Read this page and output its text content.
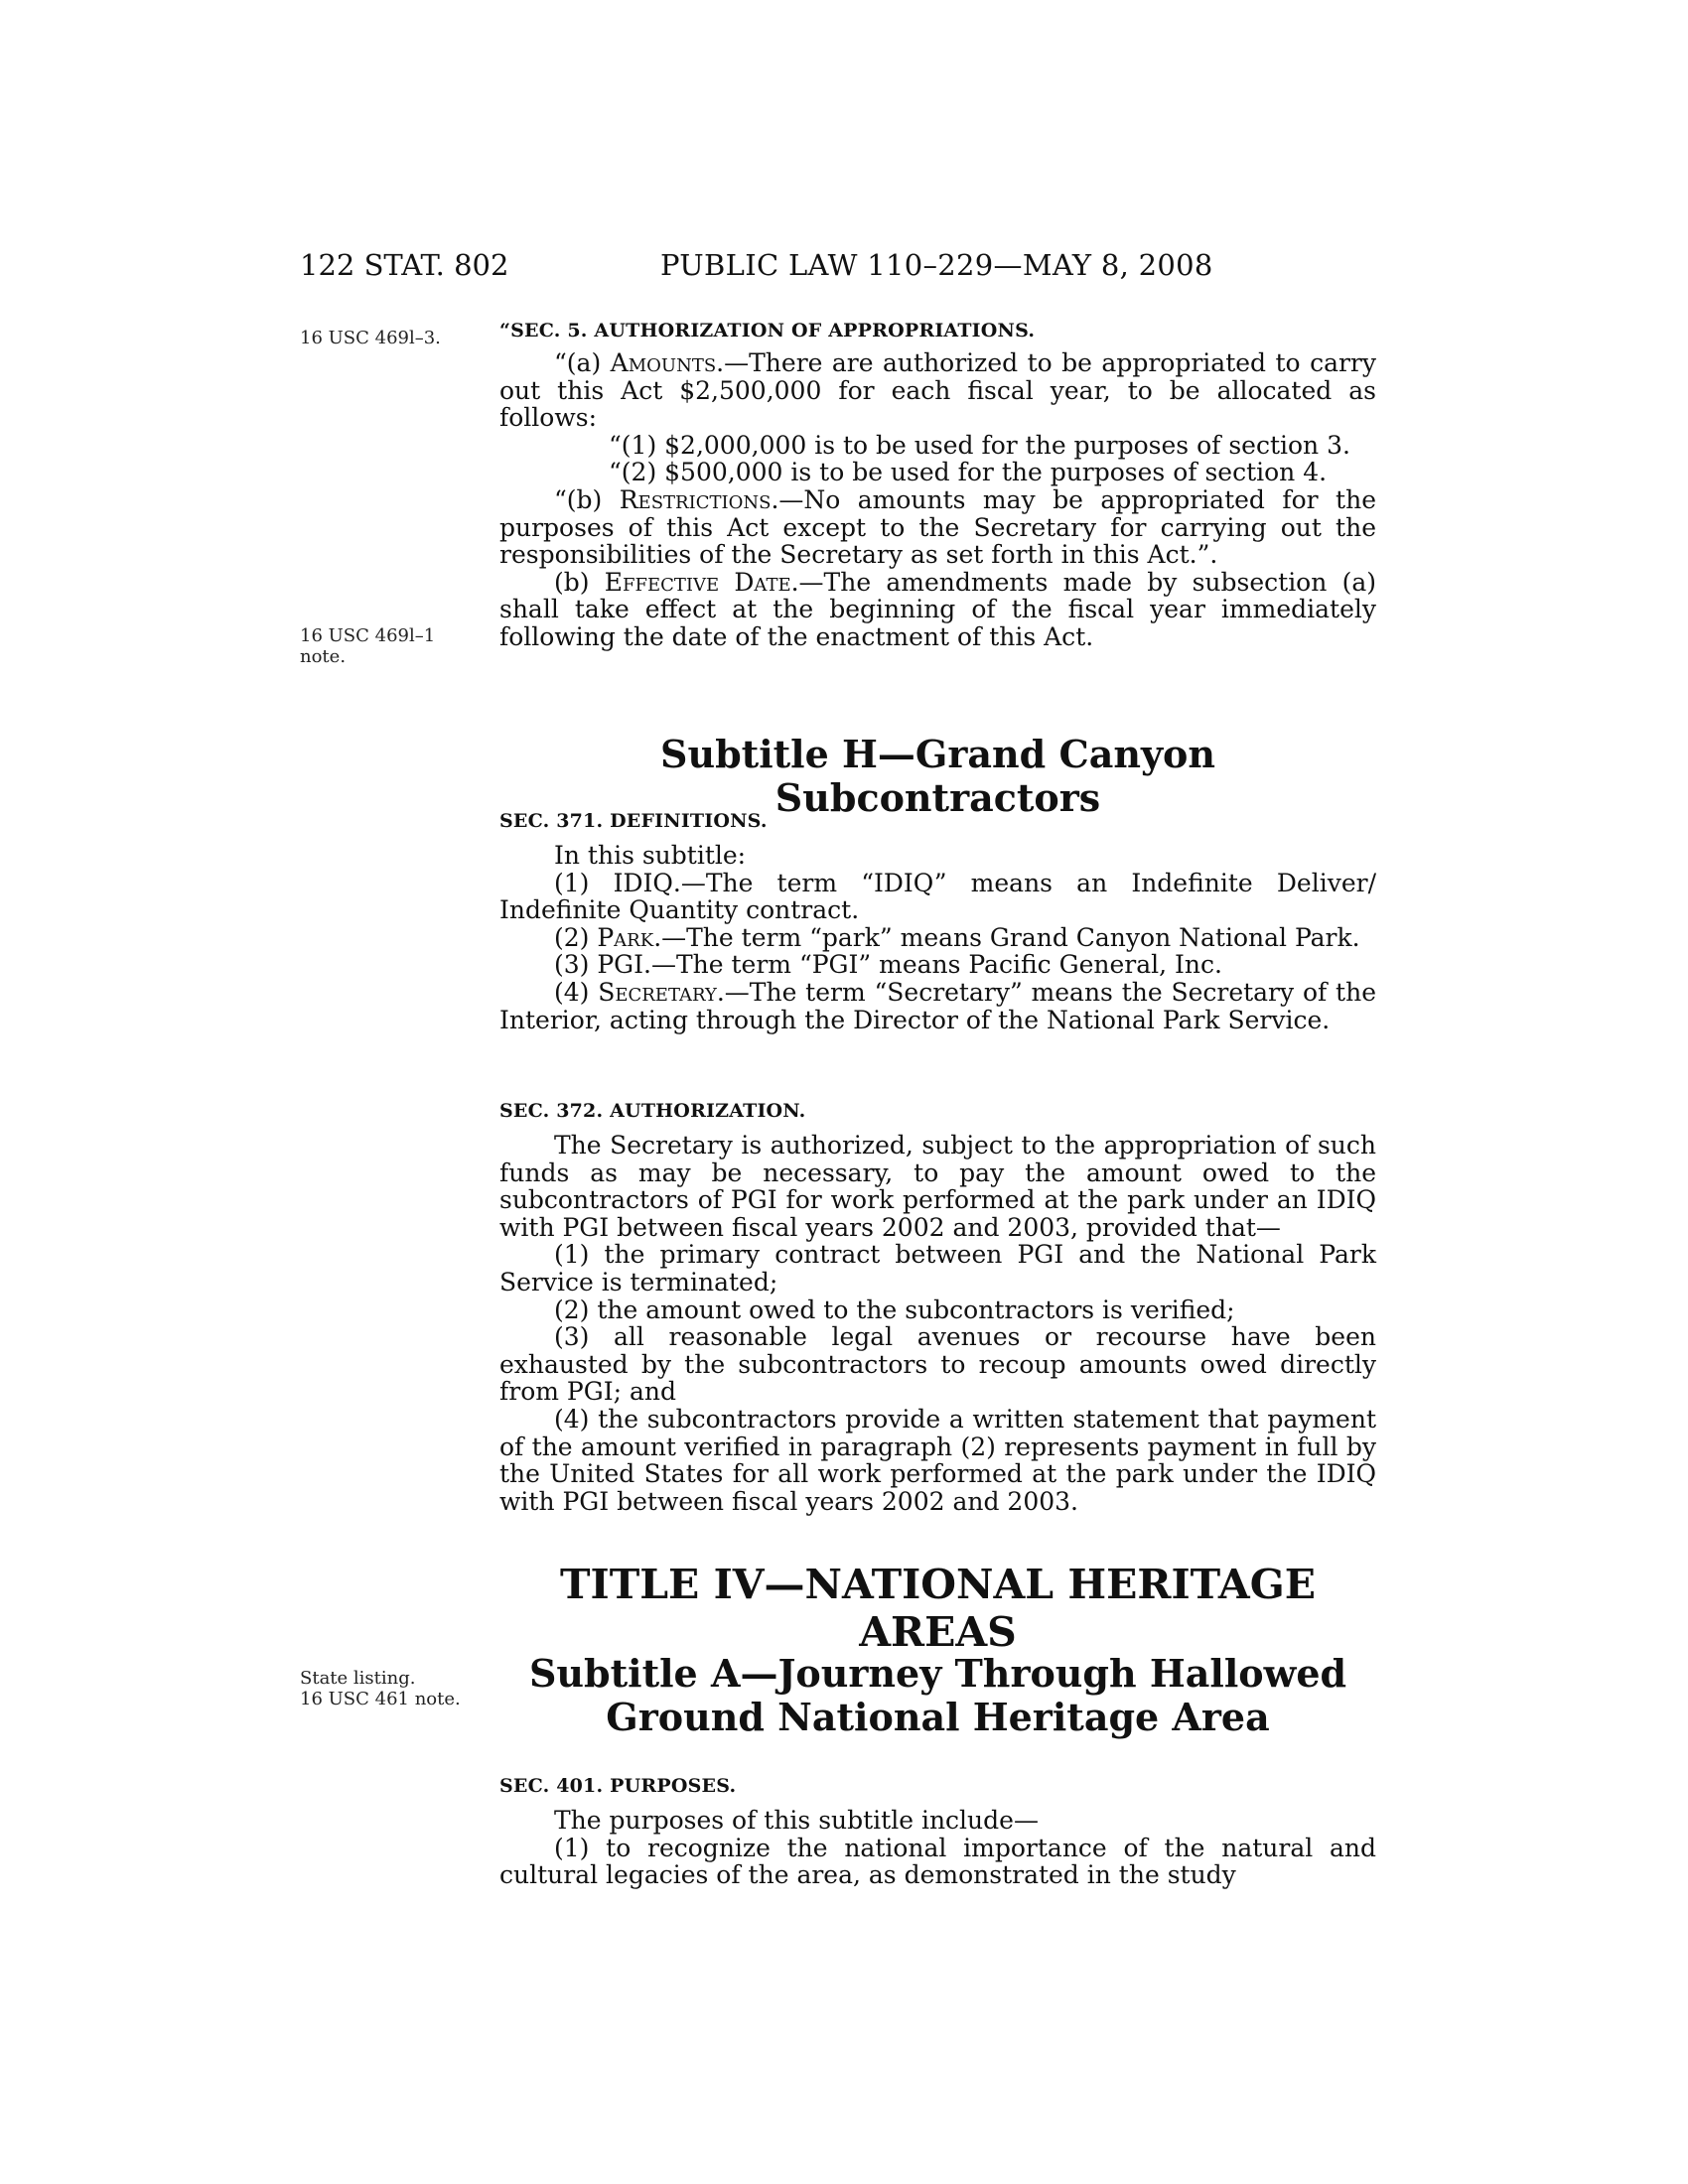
122 STAT. 802	PUBLIC LAW 110–229—MAY 8, 2008
16 USC 469l–3.
16 USC 469l–1
note.
State listing.
16 USC 461 note.
“SEC. 5. AUTHORIZATION OF APPROPRIATIONS.

“(a) Amounts.—There are authorized to be appropriated to carry out this Act $2,500,000 for each fiscal year, to be allocated as follows:

“(1) $2,000,000 is to be used for the purposes of section 3.

“(2) $500,000 is to be used for the purposes of section 4.

“(b) Restrictions.—No amounts may be appropriated for the purposes of this Act except to the Secretary for carrying out the responsibilities of the Secretary as set forth in this Act.”.

(b) Effective Date.—The amendments made by subsection (a) shall take effect at the beginning of the fiscal year immediately following the date of the enactment of this Act.

Subtitle H—Grand Canyon Subcontractors
SEC. 371. DEFINITIONS.

In this subtitle:

(1) IDIQ.—The term “IDIQ” means an Indefinite Deliver/ Indefinite Quantity contract.

(2) Park.—The term “park” means Grand Canyon National Park.

(3) PGI.—The term “PGI” means Pacific General, Inc.

(4) Secretary.—The term “Secretary” means the Secretary of the Interior, acting through the Director of the National Park Service.

SEC. 372. AUTHORIZATION.

The Secretary is authorized, subject to the appropriation of such funds as may be necessary, to pay the amount owed to the subcontractors of PGI for work performed at the park under an IDIQ with PGI between fiscal years 2002 and 2003, provided that—

(1) the primary contract between PGI and the National Park Service is terminated;

(2) the amount owed to the subcontractors is verified;

(3) all reasonable legal avenues or recourse have been exhausted by the subcontractors to recoup amounts owed directly from PGI; and

(4) the subcontractors provide a written statement that payment of the amount verified in paragraph (2) represents payment in full by the United States for all work performed at the park under the IDIQ with PGI between fiscal years 2002 and 2003.

TITLE IV—NATIONAL HERITAGE AREAS
Subtitle A—Journey Through Hallowed
Ground National Heritage Area
SEC. 401. PURPOSES.

The purposes of this subtitle include—

(1) to recognize the national importance of the natural and cultural legacies of the area, as demonstrated in the study
